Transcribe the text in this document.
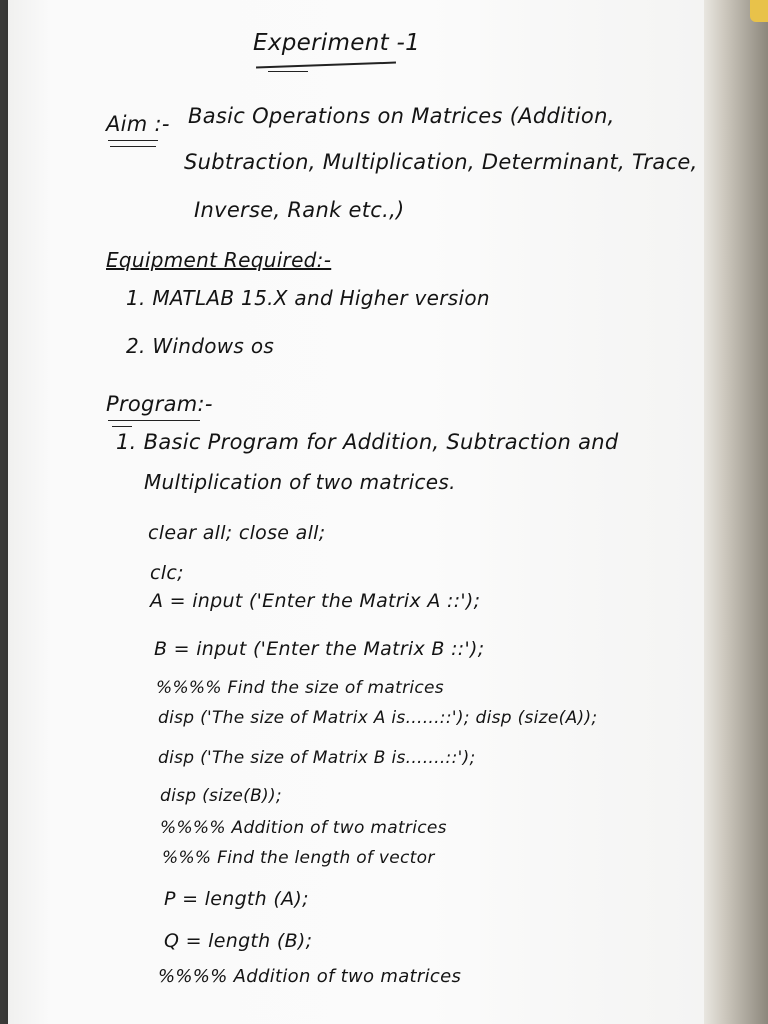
Experiment -1
Aim :- Basic Operations on Matrices (Addition,
Subtraction, Multiplication, Determinant, Trace,
Inverse, Rank etc.,)
Equipment Required:-
1. MATLAB 15.X and Higher version
2. Windows os
Program:-
1. Basic Program for Addition, Subtraction and
Multiplication of two matrices.
clear all; close all;
clc;
A = input ('Enter the Matrix A ::');
B = input ('Enter the Matrix B ::');
%%%% Find the size of matrices
disp ('The size of Matrix A is......::'); disp (size(A));
disp ('The size of Matrix B is.......::');
disp (size(B));
%%%% Addition of two matrices
%%% Find the length of vector
P = length (A);
Q = length (B);
%%%% Addition of two matrices
